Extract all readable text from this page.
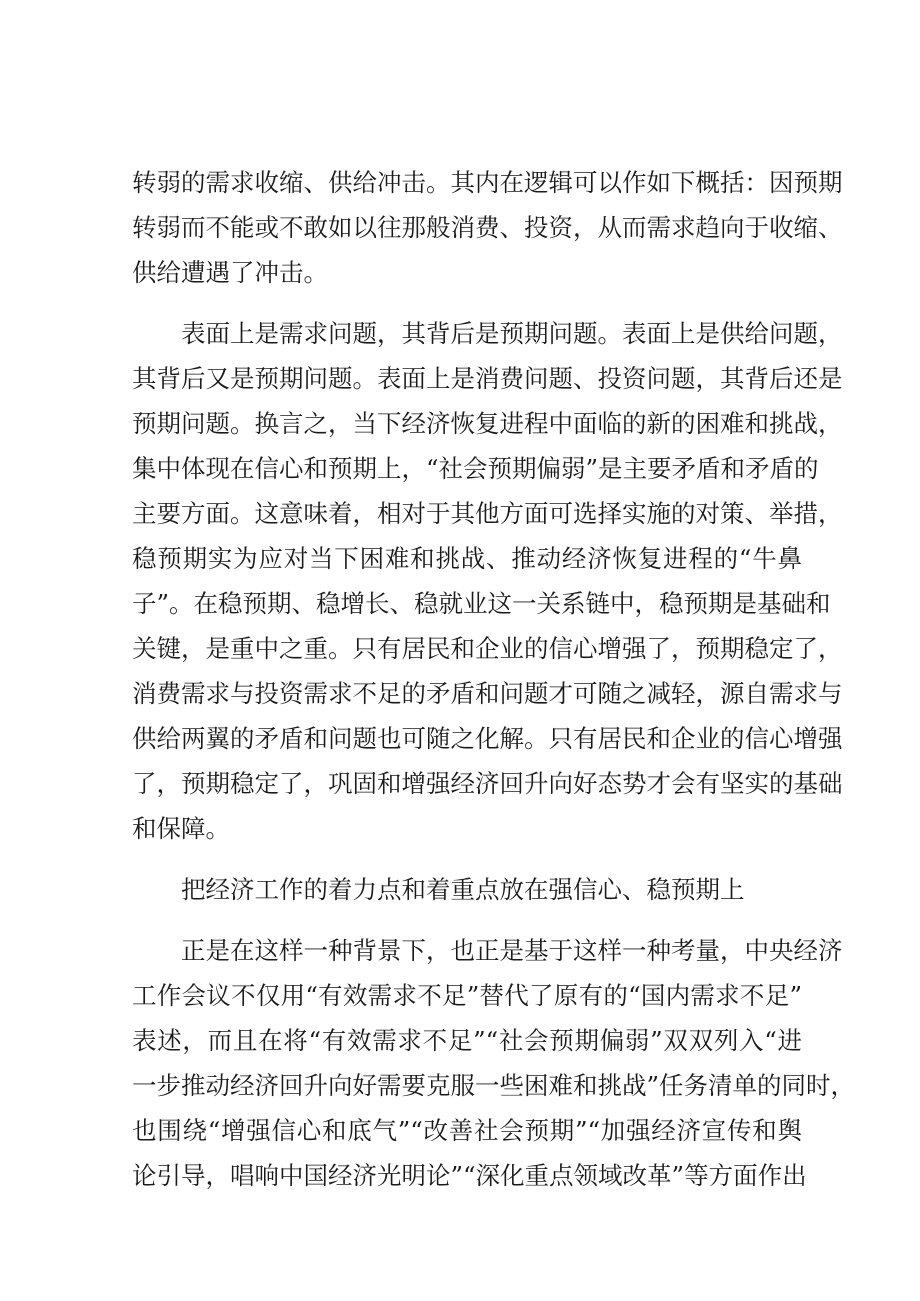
转弱的需求收缩、供给冲击。其内在逻辑可以作如下概括：因预期
转弱而不能或不敢如以往那般消费、投资，从而需求趋向于收缩、
供给遭遇了冲击。
表面上是需求问题，其背后是预期问题。表面上是供给问题，
其背后又是预期问题。表面上是消费问题、投资问题，其背后还是
预期问题。换言之，当下经济恢复进程中面临的新的困难和挑战，
集中体现在信心和预期上，“社会预期偏弱”是主要矛盾和矛盾的
主要方面。这意味着，相对于其他方面可选择实施的对策、举措，
稳预期实为应对当下困难和挑战、推动经济恢复进程的“牛鼻
子”。在稳预期、稳增长、稳就业这一关系链中，稳预期是基础和
关键，是重中之重。只有居民和企业的信心增强了，预期稳定了，
消费需求与投资需求不足的矛盾和问题才可随之减轻，源自需求与
供给两翼的矛盾和问题也可随之化解。只有居民和企业的信心增强
了，预期稳定了，巩固和增强经济回升向好态势才会有坚实的基础
和保障。
把经济工作的着力点和着重点放在强信心、稳预期上
正是在这样一种背景下，也正是基于这样一种考量，中央经济
工作会议不仅用“有效需求不足”替代了原有的“国内需求不足”
表述，而且在将“有效需求不足”“社会预期偏弱”双双列入“进
一步推动经济回升向好需要克服一些困难和挑战”任务清单的同时，
也围绕“增强信心和底气”“改善社会预期”“加强经济宣传和舆
论引导，唱响中国经济光明论”“深化重点领域改革”等方面作出
